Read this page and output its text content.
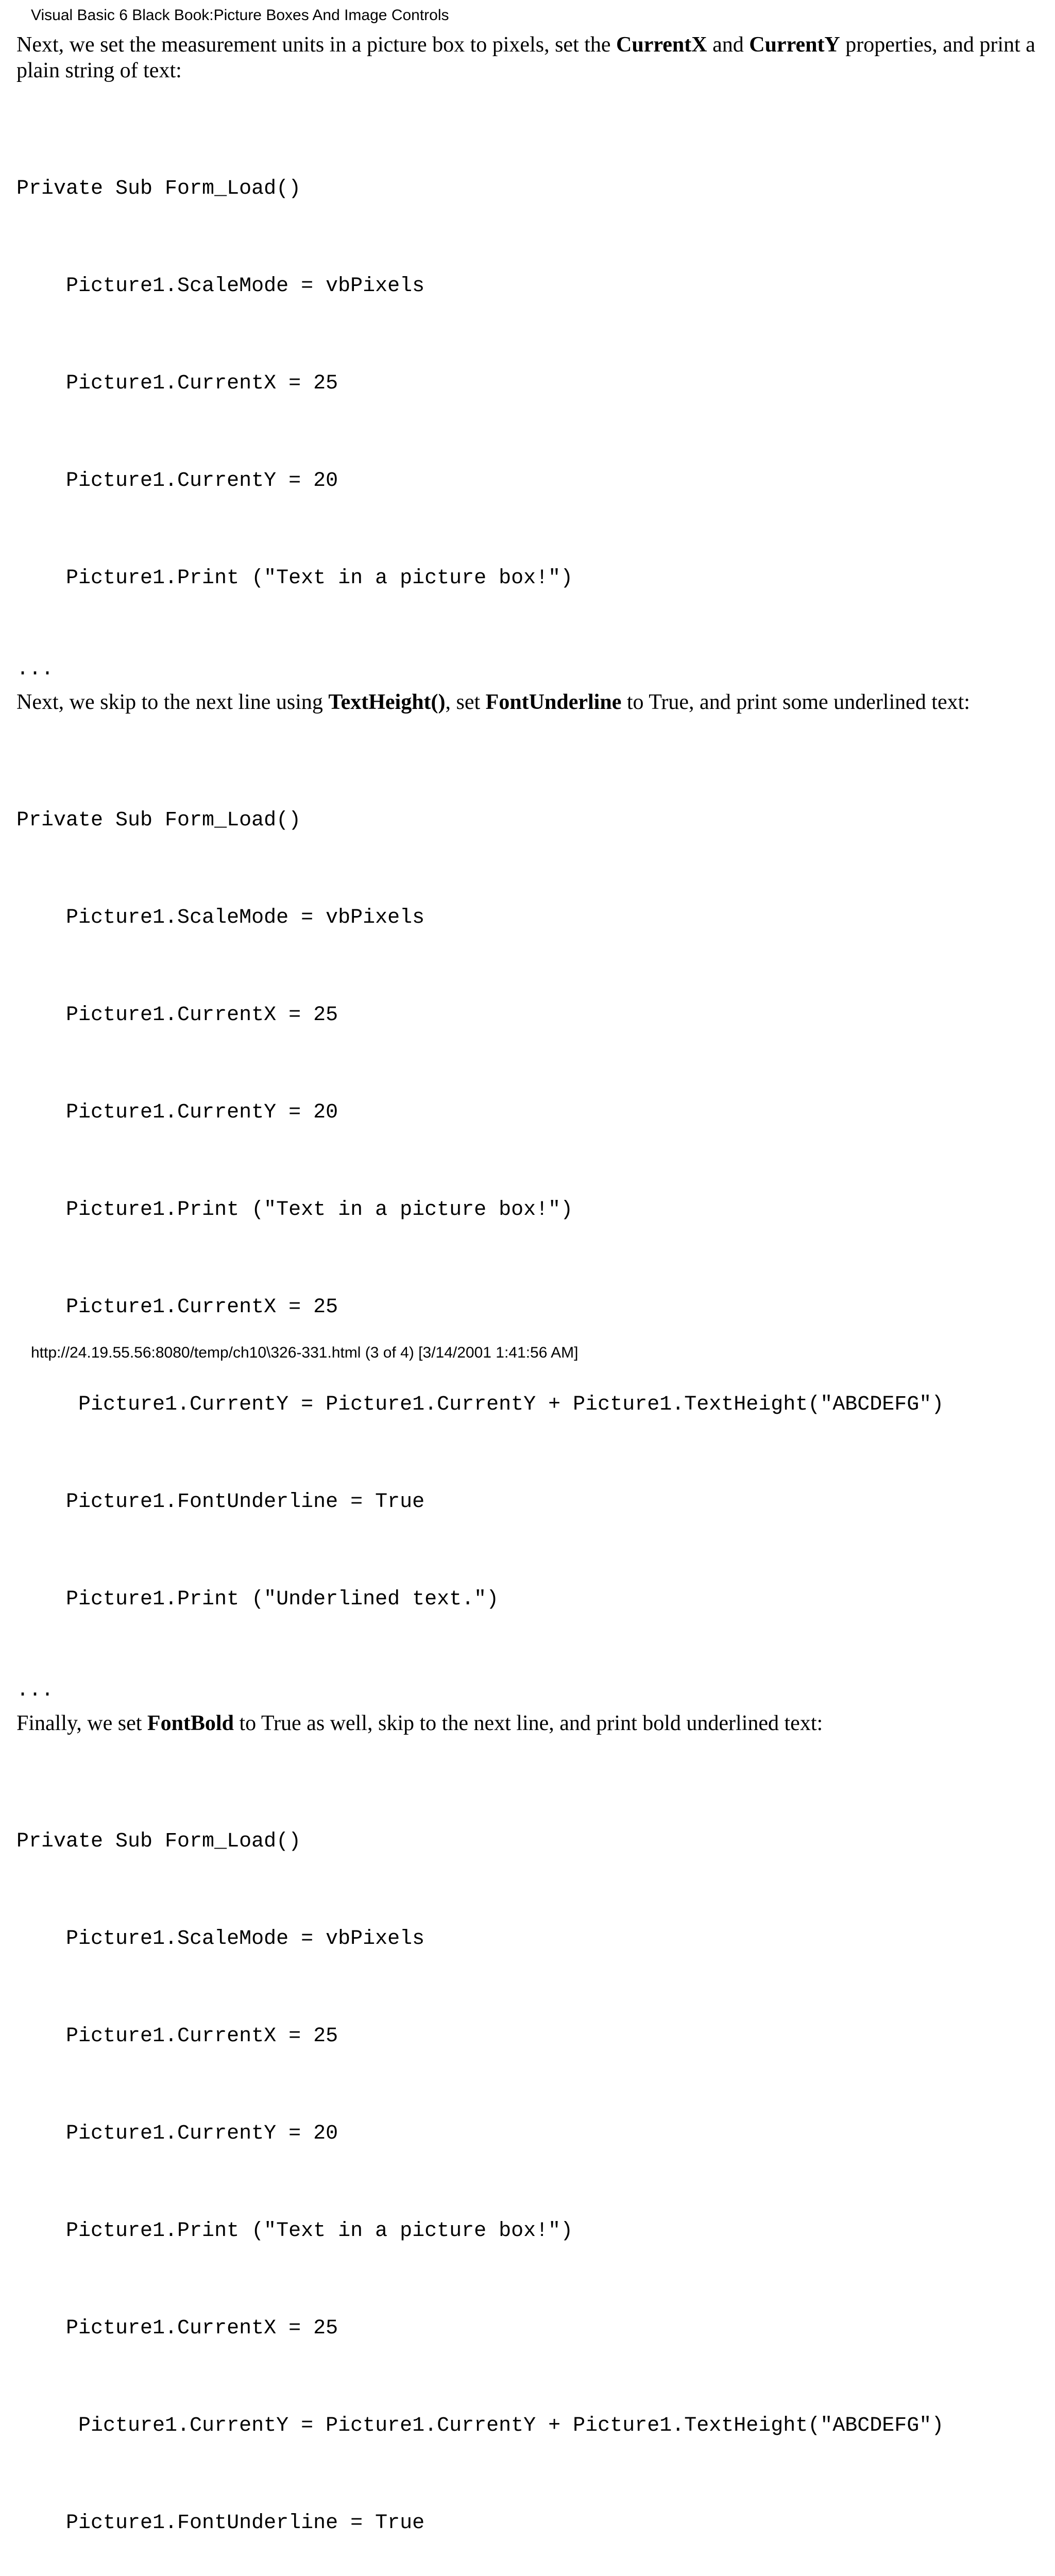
Visual Basic 6 Black Book:Picture Boxes And Image Controls

Next, we set the measurement units in a picture box to pixels, set the CurrentX and CurrentY properties, and print a plain string of text:

Private Sub Form_Load()

Picture1.ScaleMode = vbPixels

Picture1.CurrentX = 25

Picture1.CurrentY = 20

Picture1.Print ("Text in a picture box!")

...

Next, we skip to the next line using TextHeight(), set FontUnderline to True, and print some underlined text:

Private Sub Form_Load()

Picture1.ScaleMode = vbPixels

Picture1.CurrentX = 25

Picture1.CurrentY = 20

Picture1.Print ("Text in a picture box!")

Picture1.CurrentX = 25

Picture1.CurrentY = Picture1.CurrentY + Picture1.TextHeight("ABCDEFG")

Picture1.FontUnderline = True

Picture1.Print ("Underlined text.")

...

Finally, we set FontBold to True as well, skip to the next line, and print bold underlined text:

Private Sub Form_Load()

Picture1.ScaleMode = vbPixels

Picture1.CurrentX = 25

Picture1.CurrentY = 20

Picture1.Print ("Text in a picture box!")

Picture1.CurrentX = 25

Picture1.CurrentY = Picture1.CurrentY + Picture1.TextHeight("ABCDEFG")

Picture1.FontUnderline = True

http://24.19.55.56:8080/temp/ch10\326-331.html (3 of 4) [3/14/2001 1:41:56 AM]
